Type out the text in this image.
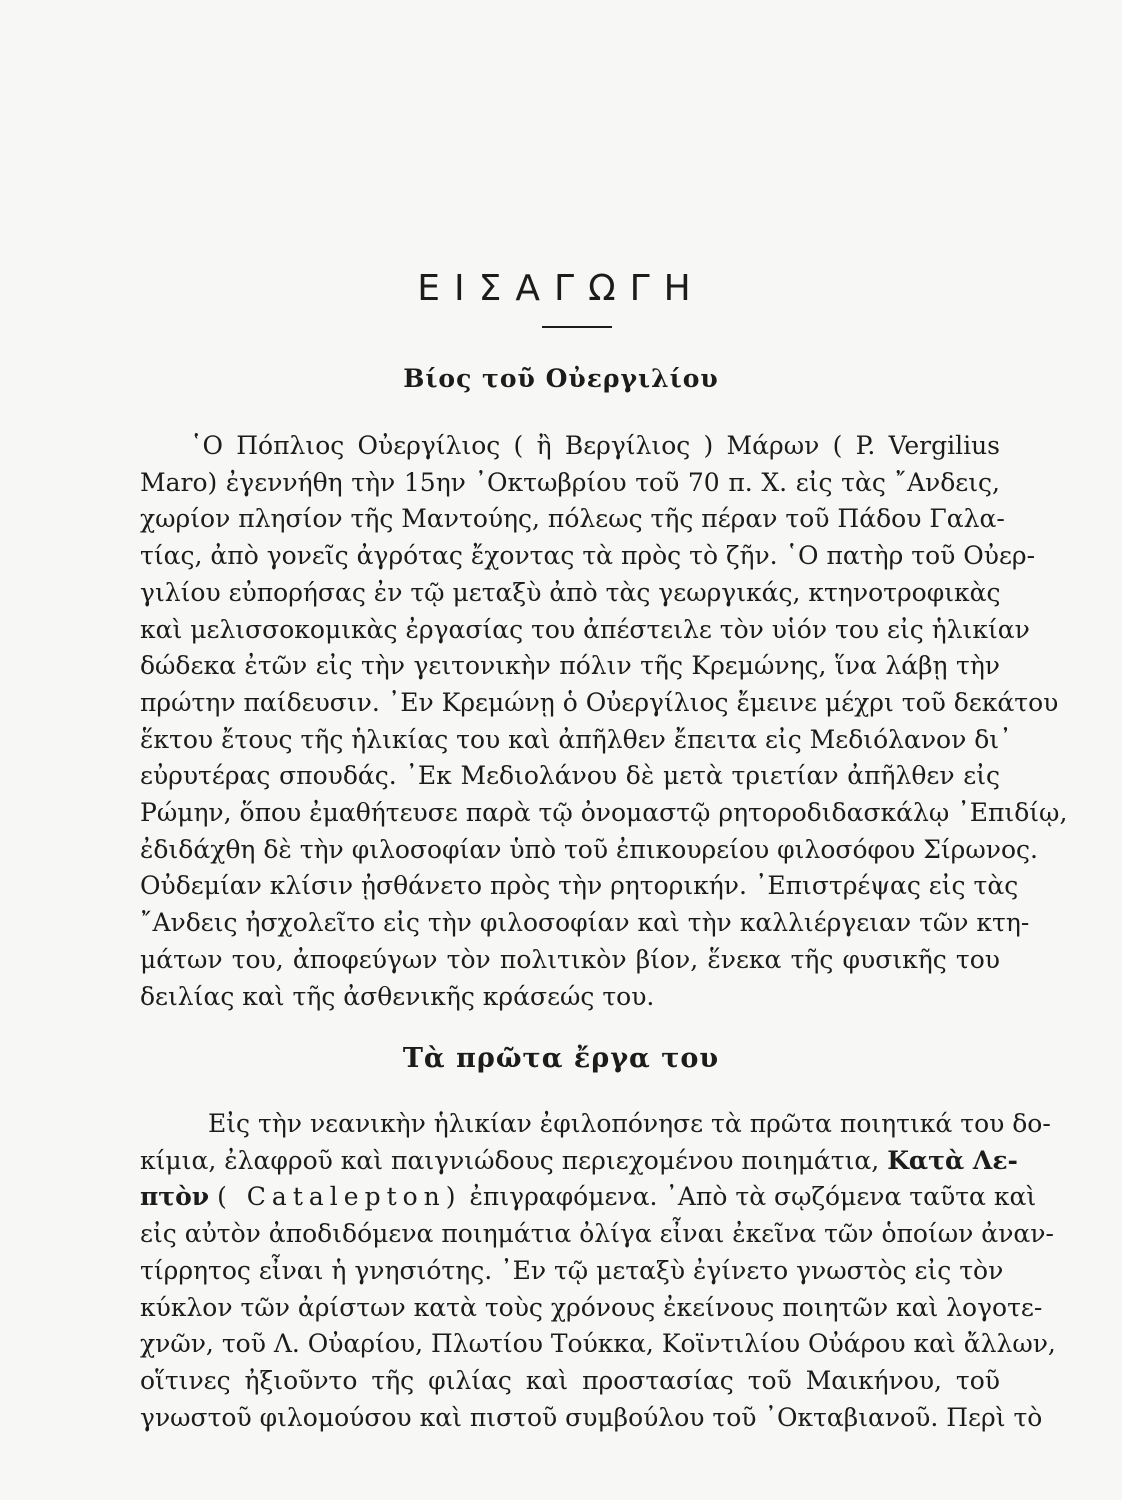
ΕΙΣΑΓΩΓΗ
Βίος τοῦ Οὐεργιλίου
῾Ο Πόπλιος Οὐεργίλιος ( ἢ Βεργίλιος ) Μάρων ( P. Vergilius
Maro) ἐγεννήθη τὴν 15ην ᾿Οκτωβρίου τοῦ 70 π. Χ. εἰς τὰς ῎Ανδεις,
χωρίον πλησίον τῆς Μαντούης, πόλεως τῆς πέραν τοῦ Πάδου Γαλα-
τίας, ἀπὸ γονεῖς ἀγρότας ἔχοντας τὰ πρὸς τὸ ζῆν. ῾Ο πατὴρ τοῦ Οὐερ-
γιλίου εὐπορήσας ἐν τῷ μεταξὺ ἀπὸ τὰς γεωργικάς, κτηνοτροφικὰς
καὶ μελισσοκομικὰς ἐργασίας του ἀπέστειλε τὸν υἱόν του εἰς ἡλικίαν
δώδεκα ἐτῶν εἰς τὴν γειτονικὴν πόλιν τῆς Κρεμώνης, ἵνα λάβῃ τὴν
πρώτην παίδευσιν. ᾿Εν Κρεμώνῃ ὁ Οὐεργίλιος ἔμεινε μέχρι τοῦ δεκάτου
ἕκτου ἔτους τῆς ἡλικίας του καὶ ἀπῆλθεν ἔπειτα εἰς Μεδιόλανον δι᾿
εὐρυτέρας σπουδάς. ᾿Εκ Μεδιολάνου δὲ μετὰ τριετίαν ἀπῆλθεν εἰς
Ρώμην, ὅπου ἐμαθήτευσε παρὰ τῷ ὀνομαστῷ ρητοροδιδασκάλῳ ᾿Επιδίῳ,
ἐδιδάχθη δὲ τὴν φιλοσοφίαν ὑπὸ τοῦ ἐπικουρείου φιλοσόφου Σίρωνος.
Οὐδεμίαν κλίσιν ᾐσθάνετο πρὸς τὴν ρητορικήν. ᾿Επιστρέψας εἰς τὰς
῎Ανδεις ἠσχολεῖτο εἰς τὴν φιλοσοφίαν καὶ τὴν καλλιέργειαν τῶν κτη-
μάτων του, ἀποφεύγων τὸν πολιτικὸν βίον, ἕνεκα τῆς φυσικῆς του
δειλίας καὶ τῆς ἀσθενικῆς κράσεώς του.
Τὰ πρῶτα ἔργα του
Εἰς τὴν νεανικὴν ἡλικίαν ἐφιλοπόνησε τὰ πρῶτα ποιητικά του δο-
κίμια, ἐλαφροῦ καὶ παιγνιώδους περιεχομένου ποιημάτια, Κατὰ Λε-
πτὸν ( Catalepton) ἐπιγραφόμενα. ᾿Απὸ τὰ σῳζόμενα ταῦτα καὶ
εἰς αὐτὸν ἀποδιδόμενα ποιημάτια ὀλίγα εἶναι ἐκεῖνα τῶν ὁποίων ἀναν-
τίρρητος εἶναι ἡ γνησιότης. ᾿Εν τῷ μεταξὺ ἐγίνετο γνωστὸς εἰς τὸν
κύκλον τῶν ἀρίστων κατὰ τοὺς χρόνους ἐκείνους ποιητῶν καὶ λογοτε-
χνῶν, τοῦ Λ. Οὐαρίου, Πλωτίου Τούκκα, Κοϊντιλίου Οὐάρου καὶ ἄλλων,
οἵτινες ἠξιοῦντο τῆς φιλίας καὶ προστασίας τοῦ Μαικήνου, τοῦ
γνωστοῦ φιλομούσου καὶ πιστοῦ συμβούλου τοῦ ᾿Οκταβιανοῦ. Περὶ τὸ
